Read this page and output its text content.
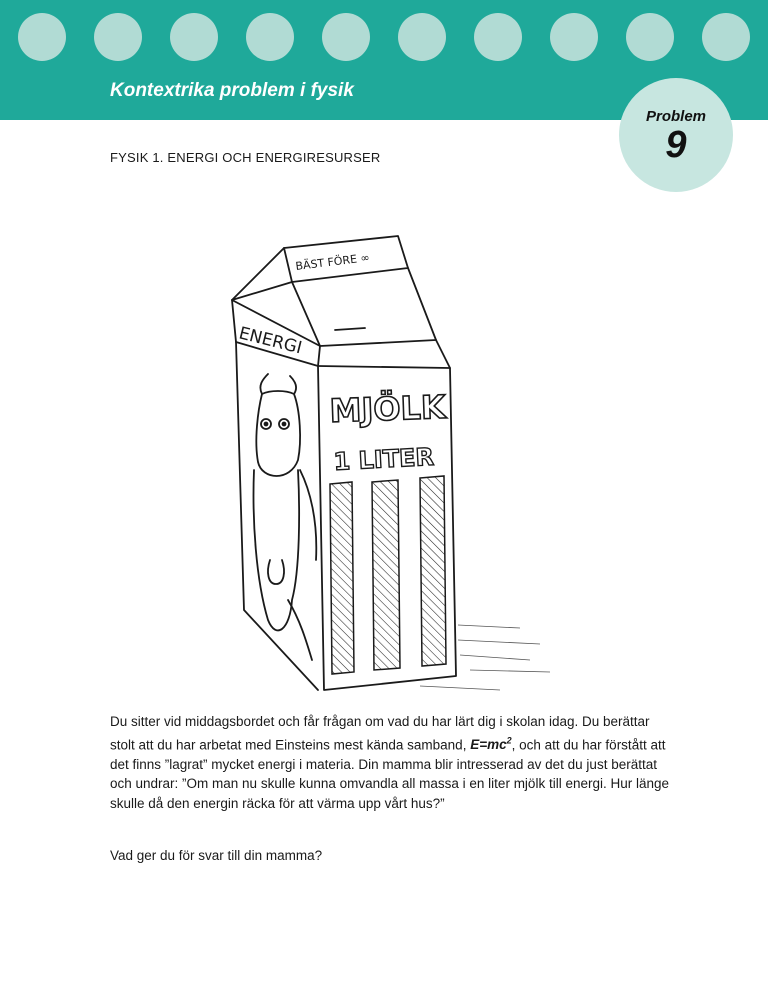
Kontextrika problem i fysik
Problem
9
FYSIK 1. ENERGI OCH ENERGIRESURSER
BÄST FÖRE ∞
ENERGI
MJÖLK
1 LITER

Du sitter vid middagsbordet och får frågan om vad du har lärt dig i skolan idag. Du berättar stolt att du har arbetat med Einsteins mest kända samband, $E=mc^2$, och att du har förstått att det finns ”lagrat” mycket energi i materia. Din mamma blir intresserad av det du just berättat och undrar: ”Om man nu skulle kunna omvandla all massa i en liter mjölk till energi. Hur länge skulle då den energin räcka för att värma upp vårt hus?”

Vad ger du för svar till din mamma?
